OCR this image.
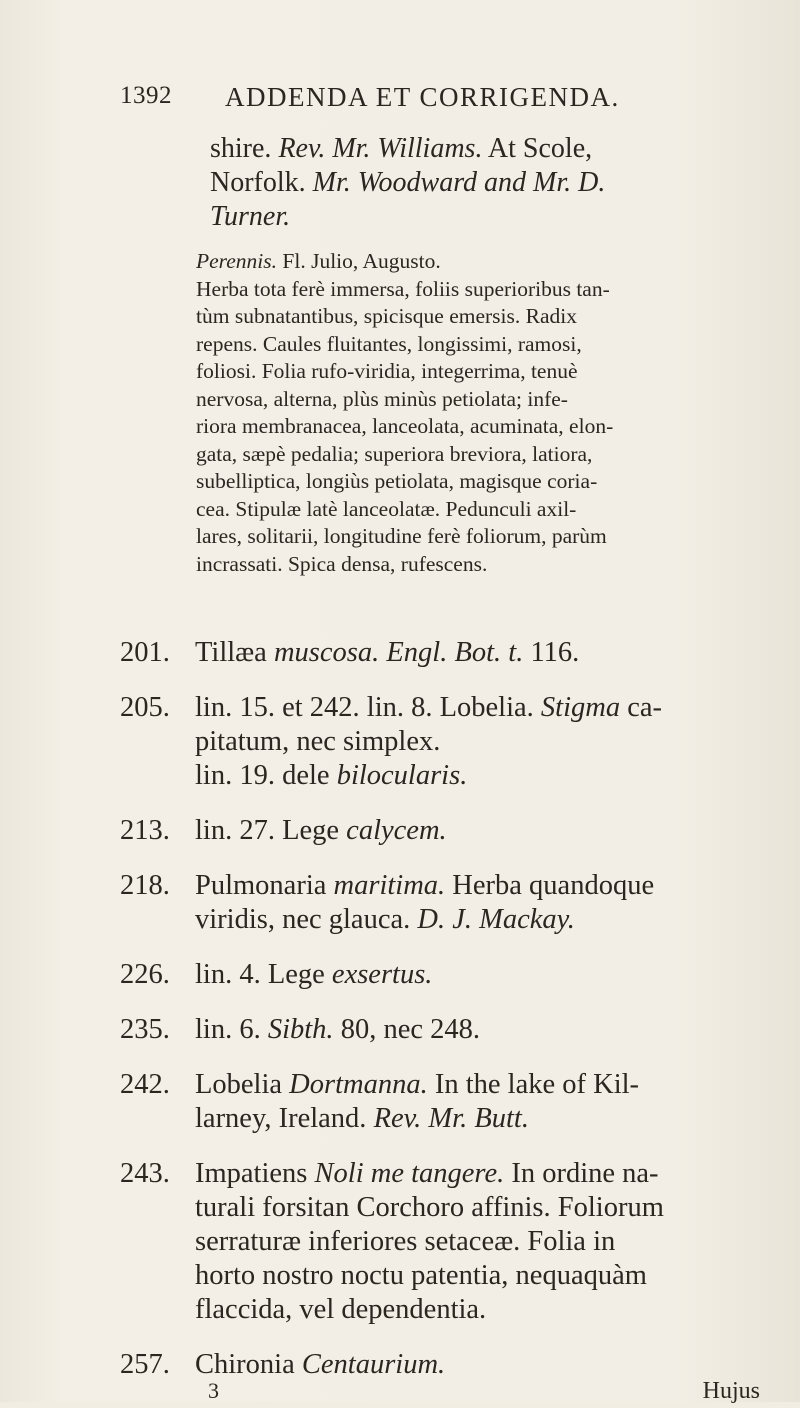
1392 ADDENDA ET CORRIGENDA.
shire. Rev. Mr. Williams. At Scole,
Norfolk. Mr. Woodward and Mr. D.
Turner.
Perennis. Fl. Julio, Augusto.
Herba tota ferè immersa, foliis superioribus tan-
tùm subnatantibus, spicisque emersis. Radix
repens. Caules fluitantes, longissimi, ramosi,
foliosi. Folia rufo-viridia, integerrima, tenuè
nervosa, alterna, plùs minùs petiolata; infe-
riora membranacea, lanceolata, acuminata, elon-
gata, sæpè pedalia; superiora breviora, latiora,
subelliptica, longiùs petiolata, magisque coria-
cea. Stipulæ latè lanceolatæ. Pedunculi axil-
lares, solitarii, longitudine ferè foliorum, parùm
incrassati. Spica densa, rufescens.
201. Tillæa muscosa. Engl. Bot. t. 116.
205. lin. 15. et 242. lin. 8. Lobelia. Stigma ca-
pitatum, nec simplex.
lin. 19. dele bilocularis.
213. lin. 27. Lege calycem.
218. Pulmonaria maritima. Herba quandoque
viridis, nec glauca. D. J. Mackay.
226. lin. 4. Lege exsertus.
235. lin. 6. Sibth. 80, nec 248.
242. Lobelia Dortmanna. In the lake of Kil-
larney, Ireland. Rev. Mr. Butt.
243. Impatiens Noli me tangere. In ordine na-
turali forsitan Corchoro affinis. Foliorum
serraturæ inferiores setaceæ. Folia in
horto nostro noctu patentia, nequaquàm
flaccida, vel dependentia.
257. Chironia Centaurium.
3	Hujus
